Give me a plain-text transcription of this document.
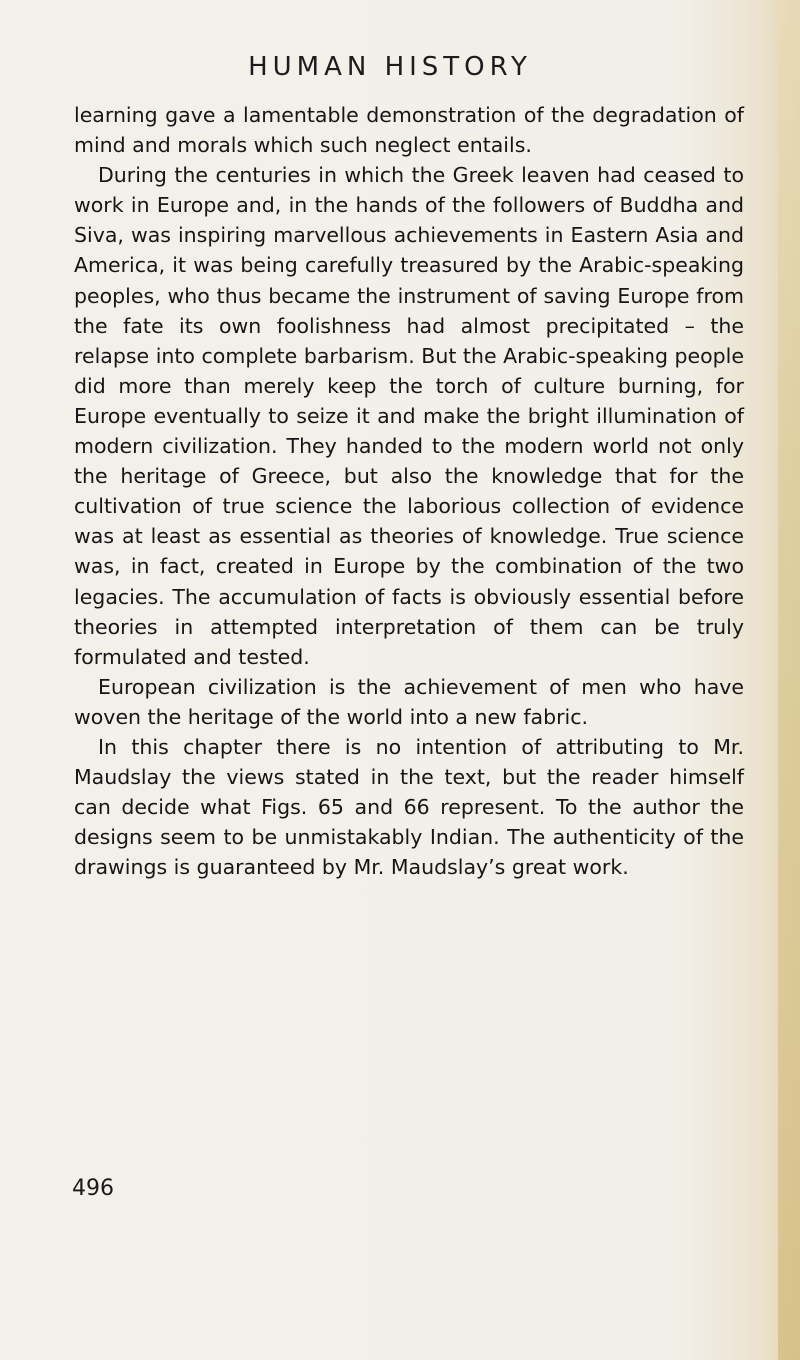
HUMAN HISTORY

learning gave a lamentable demonstration of the degradation of mind and morals which such neglect entails.

During the centuries in which the Greek leaven had ceased to work in Europe and, in the hands of the followers of Buddha and Siva, was inspiring marvellous achievements in Eastern Asia and America, it was being carefully treasured by the Arabic-speaking peoples, who thus became the instrument of saving Europe from the fate its own foolishness had almost precipitated – the relapse into complete barbarism. But the Arabic-speaking people did more than merely keep the torch of culture burning, for Europe eventually to seize it and make the bright illumination of modern civilization. They handed to the modern world not only the heritage of Greece, but also the knowledge that for the cultivation of true science the laborious collection of evidence was at least as essential as theories of knowledge. True science was, in fact, created in Europe by the combination of the two legacies. The accumulation of facts is obviously essential before theories in attempted interpretation of them can be truly formulated and tested.

European civilization is the achievement of men who have woven the heritage of the world into a new fabric.

In this chapter there is no intention of attributing to Mr. Maudslay the views stated in the text, but the reader himself can decide what Figs. 65 and 66 represent. To the author the designs seem to be unmistakably Indian. The authenticity of the drawings is guaranteed by Mr. Maudslay’s great work.

496
